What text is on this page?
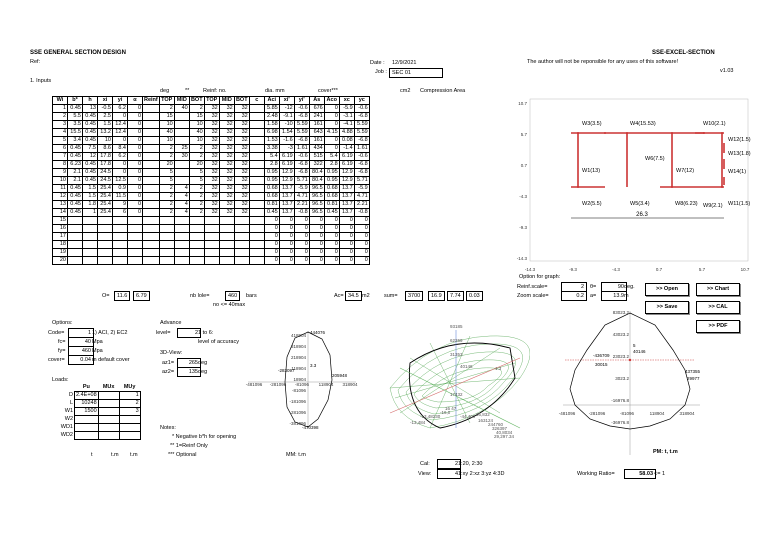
SSE GENERAL SECTION DESIGN
Ref:
1. Inputs
SSE-EXCEL-SECTION
The author will not be reponsible for any uses of this software!
v1.03
Date : 12/9/2021
Job : SEC 01
deg	** Reinf: no.	dia. mm	cover***	cm2 Compression Area
Wi	b*	h	xi	yi	α	Reinf	TOP	MID	BOT	TOP	MID	BOT	c	Aci	xi'	yi'	As	Aco	xc	yc
1	0.45	13	-0.5	6.2	0		2	40	2	32	32	32		5.85	-12	-0.6	676	0	-5.9	-0.6
2	5.5	0.45	2.5	0	0		15		15	32	32	32		2.48	-9.1	-6.8	241	0	-3.1	-6.8
3	3.5	0.45	1.5	12.4	0		10		10	32	32	32		1.58	-10	5.59	161	0	-4.1	5.59
4	15.5	0.45	13.2	12.4	0		40		40	32	32	32		6.98	1.54	5.59	643	4.15	4.88	5.59
5	3.4	0.45	10	0	0		10		10	32	32	32		1.53	-1.6	-6.8	161	0	0.08	-6.8
6	0.45	7.5	8.6	8.4	0		2	25	2	32	32	32		3.38	-3	1.61	434	0	-1.4	1.61
7	0.45	12	17.8	6.2	0		2	30	2	32	32	32		5.4	6.19	-0.6	515	5.4	6.19	-0.6
8	6.23	0.45	17.8	0	0		20		20	32	32	32		2.8	6.19	-6.8	322	2.8	6.19	-6.8
9	2.1	0.45	24.5	0	0		5		5	32	32	32		0.95	12.9	-6.8	80.4	0.95	12.9	-6.8
10	2.1	0.45	24.5	12.5	0		5		5	32	32	32		0.95	12.9	5.71	80.4	0.95	12.9	5.71
11	0.45	1.5	25.4	0.9	0		2	4	2	32	32	32		0.68	13.7	-5.9	96.5	0.68	13.7	-5.9
12	0.45	1.5	25.4	11.5	0		2	4	2	32	32	32		0.68	13.7	4.71	96.5	0.68	13.7	4.71
13	0.45	1.8	25.4	9	0		2	4	2	32	32	32		0.81	13.7	2.21	96.5	0.81	13.7	2.21
14	0.45	1	25.4	6	0		2	4	2	32	32	32		0.45	13.7	-0.8	96.5	0.45	13.7	-0.8
15														0	0	0	0	0	0	0
16														0	0	0	0	0	0	0
17														0	0	0	0	0	0	0
18														0	0	0	0	0	0	0
19														0	0	0	0	0	0	0
20														0	0	0	0	0	0	0
O=	11.6	6.79	nb lole=	460	bars
no <= 40max
Ac= 34.5 m2	sum=	3700	16.9	7.74	0.03
Options:
Code=	1 1) ACI, 2) EC2
fc=	40 Mpa
fy=	460 Mpa
cover=	0.04 m default cover
Advance
level=	2 1 to 6:
level of accuracy
3D-View:
az1=	265 deg
az2=	135 deg
Loads:
	Pu	MUx	MUy
D	2.4E+08		1
L	10248		2
W1	1500		3
W2			
WD1			
WD2			
t	t.m t.m
Notes:
* Negative b*h for opening
** 1=Reinf Only
*** Optional	MM: t.m
10.7
5.7
0.7
-4.3
-9.3
-14.3
-14.3	-9.3	-4.3	0.7	5.7	10.7
26.3
W3(3.5)	W4(15.53)	W10(2.1)
W12(1.5)
W13(1.8)
W6(7.5)
W1(13)	W7(12)	W14(1)
W2(5.5)	W5(3.4)	W8(6.23) W9(2.1) W11(1.5)
Option for graph:
Reinf.scale=	2	θ=	90 deg.
Zoom scale=	0.2	a=	13.9 m
>> Open	>> Chart
>> Save	>> CAL
>> PDF
444076
-470398
-283097
205948
3.3
418904
318904
218904
118904
18904
-81096
-181096
-281096
-381096
-481096 -281096 -81096 118904 318904
93185
62269
31353
40146	1.3
17432
-13,484
-44,400 16,832
-13,48230
-16,0
16 47
163124
244760
326397
40,8034
29,297.34
-436709
30015
40146
5
437355
29977
83023.2
43023.2
23023.2
3023.2
-16976.8
-36976.8
-481096	-281096	-81096	118904	318904
PM: t, t.m
Cal:	2 1:20, 2:30
View:	4 1:xy 2:xz 3:yz 4:3D	Working Ratio=	58.03 <= 1
